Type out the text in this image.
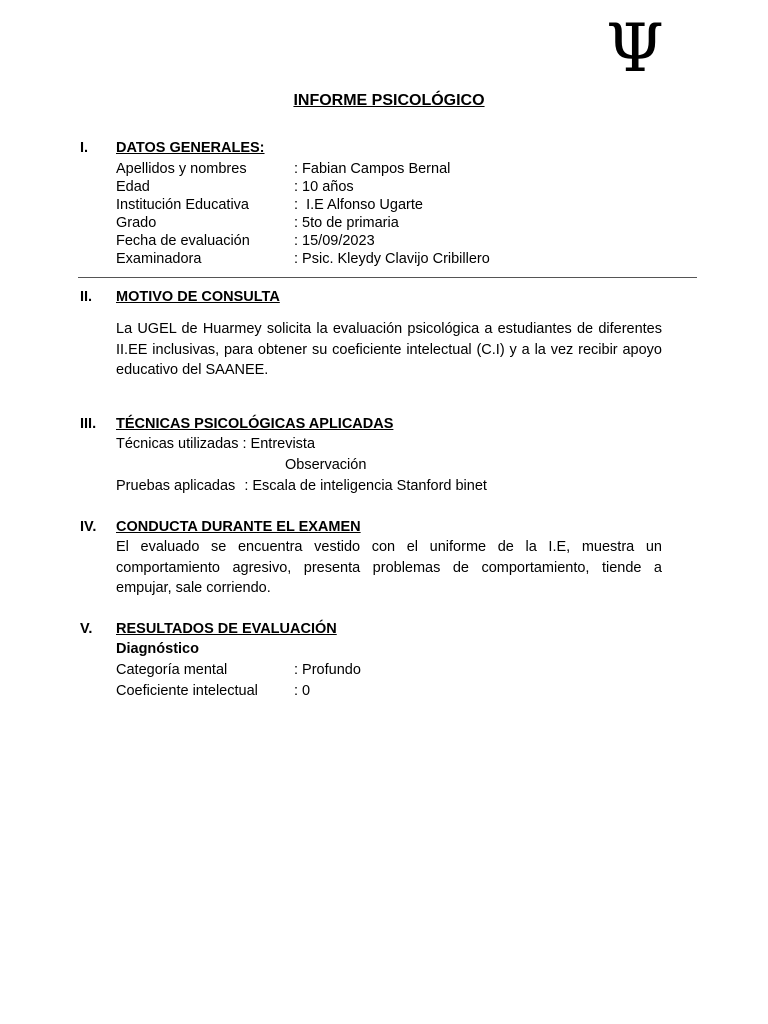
Ψ
INFORME PSICOLÓGICO
I. DATOS GENERALES:
Apellidos y nombres	: Fabian Campos Bernal
Edad	: 10 años
Institución Educativa	:  I.E Alfonso Ugarte
Grado	: 5to de primaria
Fecha de evaluación	: 15/09/2023
Examinadora	: Psic. Kleydy Clavijo Cribillero
II. MOTIVO DE CONSULTA
La UGEL de Huarmey solicita la evaluación psicológica a estudiantes de diferentes II.EE inclusivas, para obtener su coeficiente intelectual (C.I) y a la vez recibir apoyo educativo del SAANEE.
III. TÉCNICAS PSICOLÓGICAS APLICADAS
Técnicas utilizadas : Entrevista
Observación
Pruebas aplicadas : Escala de inteligencia Stanford binet
IV. CONDUCTA DURANTE EL EXAMEN
El evaluado se encuentra vestido con el uniforme de la I.E, muestra un comportamiento agresivo, presenta problemas de comportamiento, tiende a empujar, sale corriendo.
V. RESULTADOS DE EVALUACIÓN
Diagnóstico
Categoría mental	: Profundo
Coeficiente intelectual	: 0
